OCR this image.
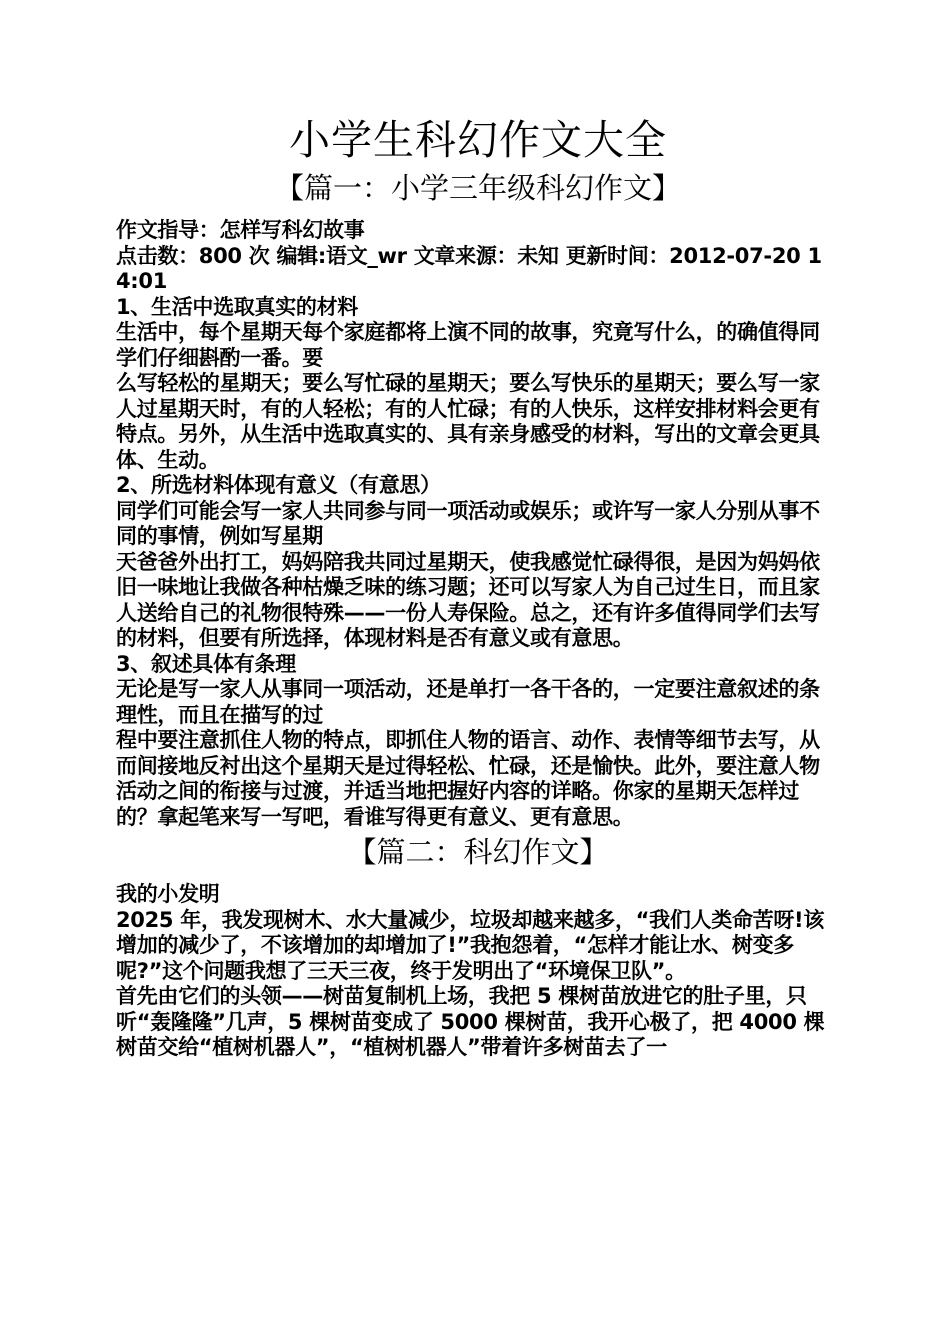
小学生科幻作文大全
【篇一：小学三年级科幻作文】

作文指导：怎样写科幻故事

点击数：800 次 编辑:语文_wr 文章来源：未知 更新时间：2012-07-20 14:01

1、生活中选取真实的材料

生活中，每个星期天每个家庭都将上演不同的故事，究竟写什么，的确值得同学们仔细斟酌一番。要

么写轻松的星期天；要么写忙碌的星期天；要么写快乐的星期天；要么写一家人过星期天时，有的人轻松；有的人忙碌；有的人快乐，这样安排材料会更有特点。另外，从生活中选取真实的、具有亲身感受的材料，写出的文章会更具体、生动。

2、所选材料体现有意义（有意思）

同学们可能会写一家人共同参与同一项活动或娱乐；或许写一家人分别从事不同的事情，例如写星期

天爸爸外出打工，妈妈陪我共同过星期天，使我感觉忙碌得很，是因为妈妈依旧一味地让我做各种枯燥乏味的练习题；还可以写家人为自己过生日，而且家人送给自己的礼物很特殊——一份人寿保险。总之，还有许多值得同学们去写的材料，但要有所选择，体现材料是否有意义或有意思。

3、叙述具体有条理

无论是写一家人从事同一项活动，还是单打一各干各的，一定要注意叙述的条理性，而且在描写的过

程中要注意抓住人物的特点，即抓住人物的语言、动作、表情等细节去写，从而间接地反衬出这个星期天是过得轻松、忙碌，还是愉快。此外，要注意人物活动之间的衔接与过渡，并适当地把握好内容的详略。你家的星期天怎样过的？拿起笔来写一写吧，看谁写得更有意义、更有意思。

【篇二：科幻作文】

我的小发明

2025 年，我发现树木、水大量减少，垃圾却越来越多，“我们人类命苦呀!该增加的减少了，不该增加的却增加了!”我抱怨着，“怎样才能让水、树变多呢?”这个问题我想了三天三夜，终于发明出了“环境保卫队”。

首先由它们的头领——树苗复制机上场，我把 5 棵树苗放进它的肚子里，只听“轰隆隆”几声，5 棵树苗变成了 5000 棵树苗，我开心极了，把 4000 棵树苗交给“植树机器人”，“植树机器人”带着许多树苗去了一
